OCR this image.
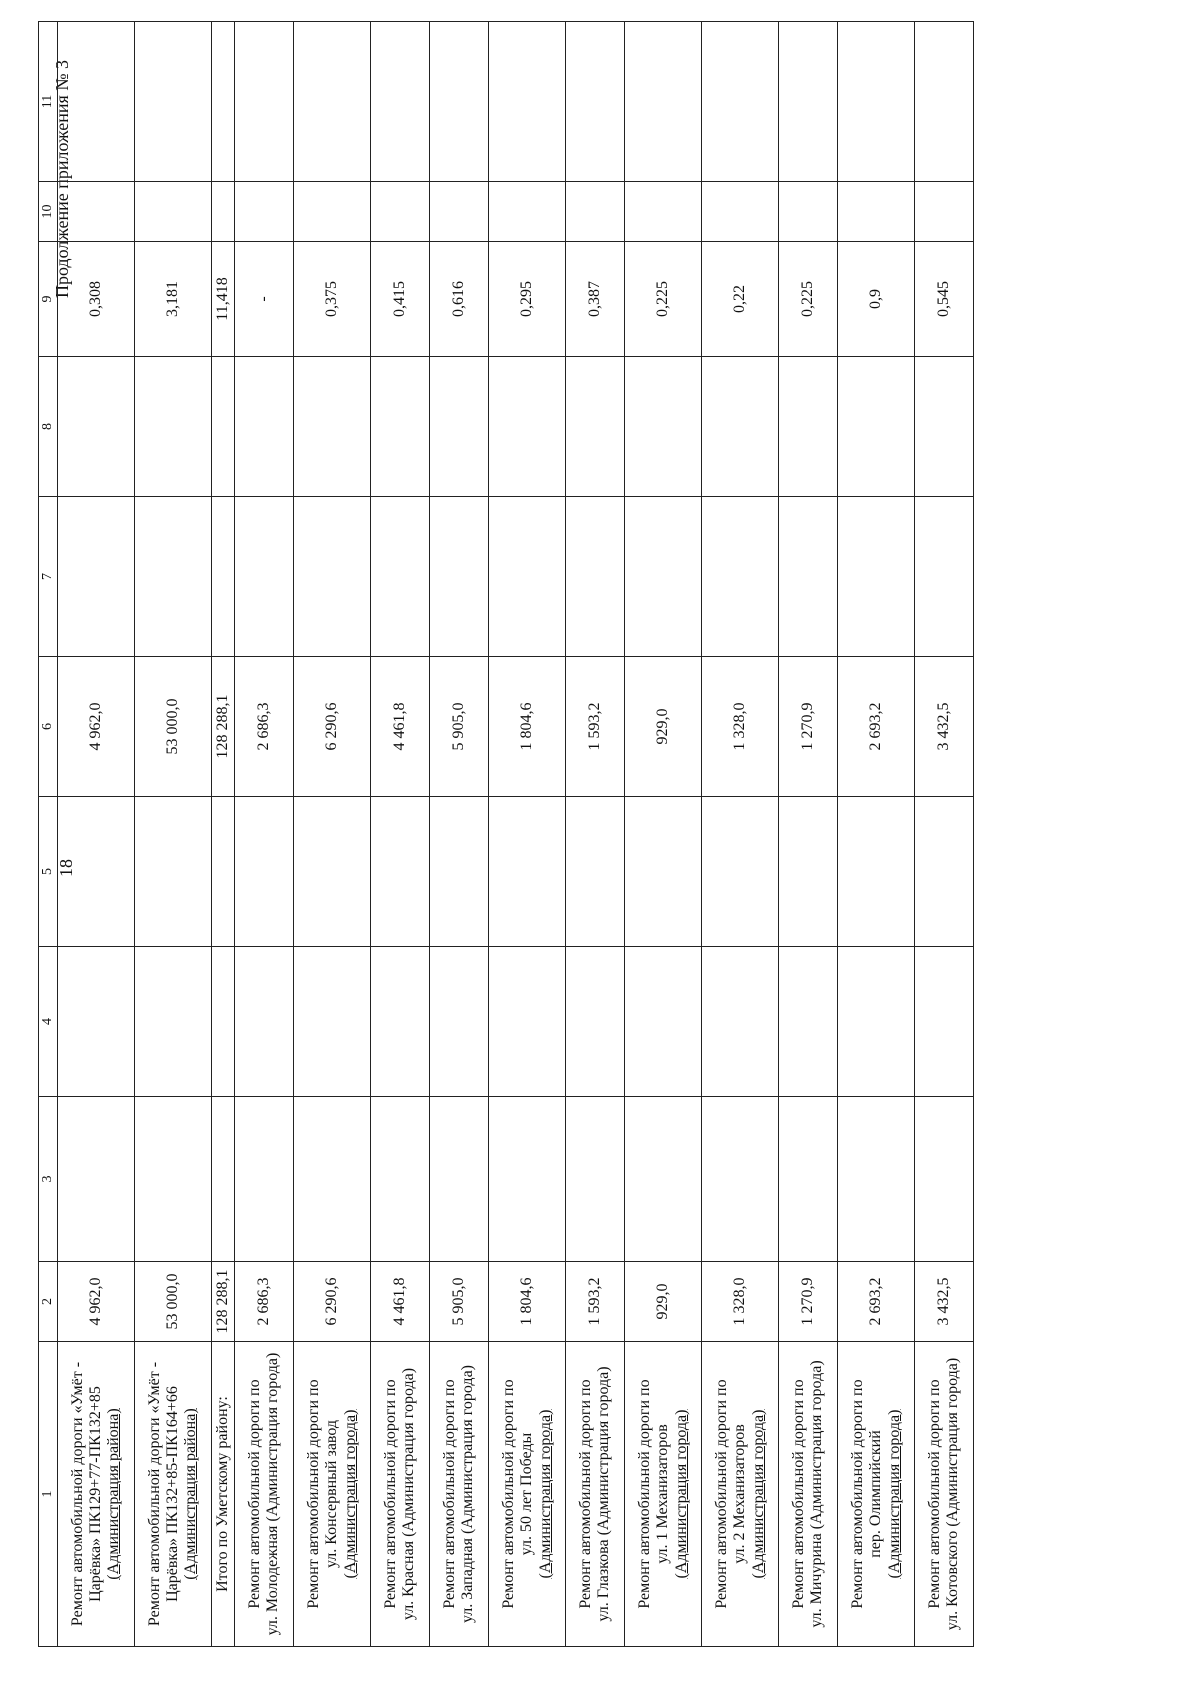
18
Продолжение приложения № 3
1	2	3	4	5	6	7	8	9	10	11

Ремонт автомобильной дороги «Умёт - Царёвка» ПК129+77-ПК132+85 (Администрация района)	4 962,0				4 962,0			0,308		

Ремонт автомобильной дороги «Умёт - Царёвка» ПК132+85-ПК164+66 (Администрация района)	53 000,0				53 000,0			3,181		

Итого по Уметскому району:	128 288,1				128 288,1			11,418		

Ремонт автомобильной дороги по ул. Молодежная (Администрация города)	2 686,3				2 686,3			-		

Ремонт автомобильной дороги по ул. Консервный завод (Администрация города)	6 290,6				6 290,6			0,375		

Ремонт автомобильной дороги по ул. Красная (Администрация города)	4 461,8				4 461,8			0,415		

Ремонт автомобильной дороги по ул. Западная (Администрация города)	5 905,0				5 905,0			0,616		

Ремонт автомобильной дороги по ул. 50 лет Победы (Администрация города)	1 804,6				1 804,6			0,295		

Ремонт автомобильной дороги по ул. Глазкова (Администрация города)	1 593,2				1 593,2			0,387		

Ремонт автомобильной дороги по ул. 1 Механизаторов (Администрация города)	929,0				929,0			0,225		

Ремонт автомобильной дороги по ул. 2 Механизаторов (Администрация города)	1 328,0				1 328,0			0,22		

Ремонт автомобильной дороги по ул. Мичурина (Администрация города)	1 270,9				1 270,9			0,225		

Ремонт автомобильной дороги по пер. Олимпийский (Администрация города)	2 693,2				2 693,2			0,9		

Ремонт автомобильной дороги по ул. Котовского (Администрация города)	3 432,5				3 432,5			0,545		
